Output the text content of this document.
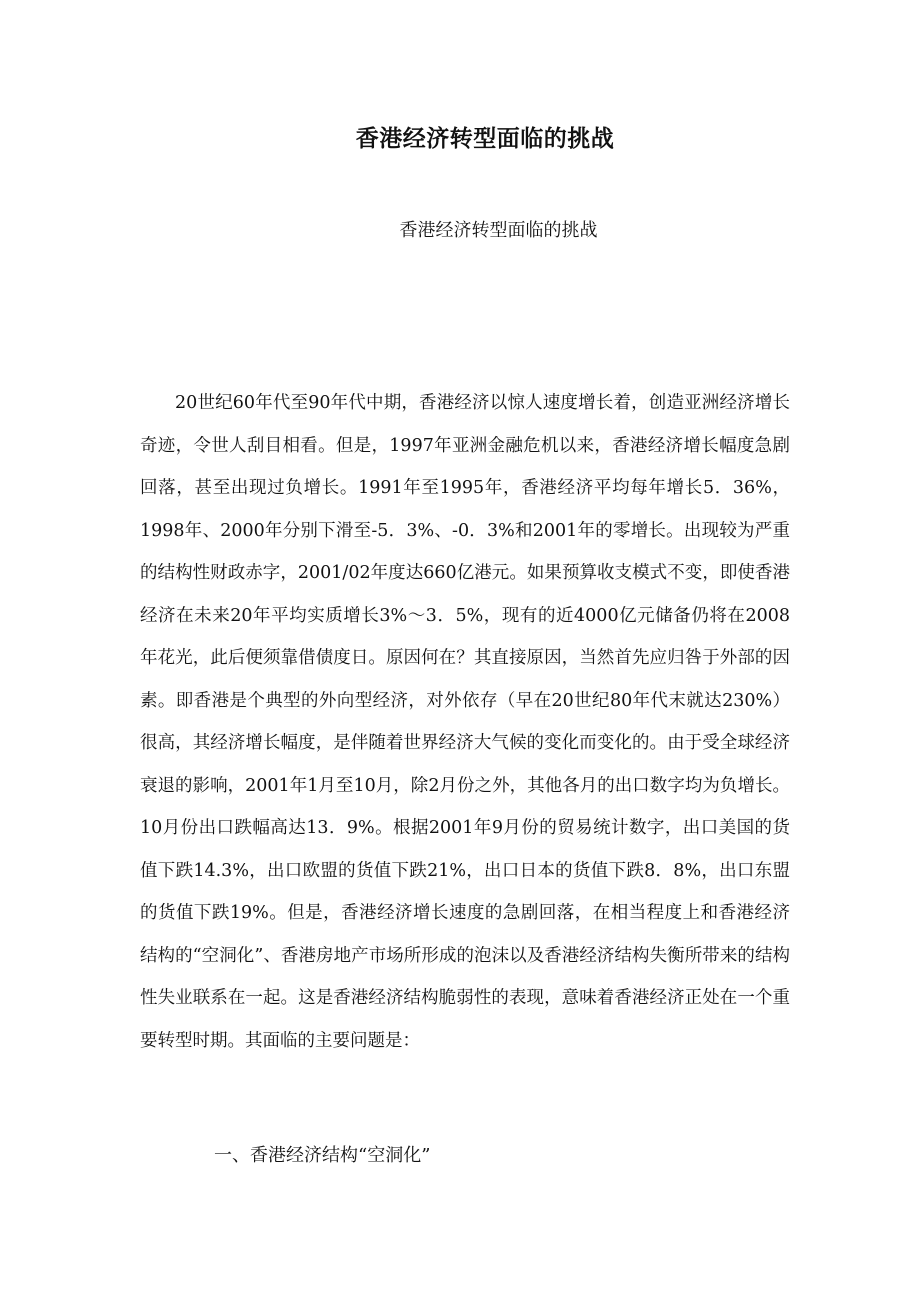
香港经济转型面临的挑战
香港经济转型面临的挑战

20世纪60年代至90年代中期，香港经济以惊人速度增长着，创造亚洲经济增长奇迹，令世人刮目相看。但是，1997年亚洲金融危机以来，香港经济增长幅度急剧回落，甚至出现过负增长。1991年至1995年，香港经济平均每年增长5．36%，1998年、2000年分别下滑至-5．3%、-0．3%和2001年的零增长。出现较为严重的结构性财政赤字，2001/02年度达660亿港元。如果预算收支模式不变，即使香港经济在未来20年平均实质增长3%～3．5%，现有的近4000亿元储备仍将在2008年花光，此后便须靠借债度日。原因何在？其直接原因，当然首先应归咎于外部的因素。即香港是个典型的外向型经济，对外依存（早在20世纪80年代末就达230%）很高，其经济增长幅度，是伴随着世界经济大气候的变化而变化的。由于受全球经济衰退的影响，2001年1月至10月，除2月份之外，其他各月的出口数字均为负增长。10月份出口跌幅高达13．9%。根据2001年9月份的贸易统计数字，出口美国的货值下跌14.3%，出口欧盟的货值下跌21%，出口日本的货值下跌8．8%，出口东盟的货值下跌19%。但是，香港经济增长速度的急剧回落，在相当程度上和香港经济结构的“空洞化”、香港房地产市场所形成的泡沫以及香港经济结构失衡所带来的结构性失业联系在一起。这是香港经济结构脆弱性的表现，意味着香港经济正处在一个重要转型时期。其面临的主要问题是：

一、香港经济结构“空洞化”
